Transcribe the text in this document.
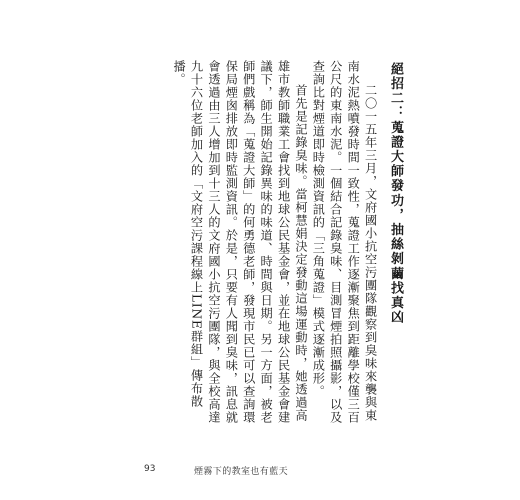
絕招二：蒐證大師發功，抽絲剝繭找真凶

二〇一五年三月，文府國小抗空污團隊觀察到臭味來襲與東南水泥熱噴發時間一致性，蒐證工作逐漸聚焦到距離學校僅三百公尺的東南水泥。一個結合記錄臭味、目測冒煙拍照攝影，以及查詢比對煙道即時檢測資訊的「三角蒐證」模式逐漸成形。

首先是記錄臭味。當柯慧娟決定發動這場運動時，她透過高雄市教師職業工會找到地球公民基金會，並在地球公民基金會建議下，師生開始記錄異味的味道、時間與日期。另一方面，被老師們戲稱為「蒐證大師」的何勇德老師，發現市民已可以查詢環保局煙囪排放即時監測資訊。於是，只要有人聞到臭味，訊息就會透過由三人增加到十三人的文府國小抗空污團隊，與全校高達九十六位老師加入的「文府空污課程線上LINE群組」傳布散播。

93	煙霧下的教室也有藍天
